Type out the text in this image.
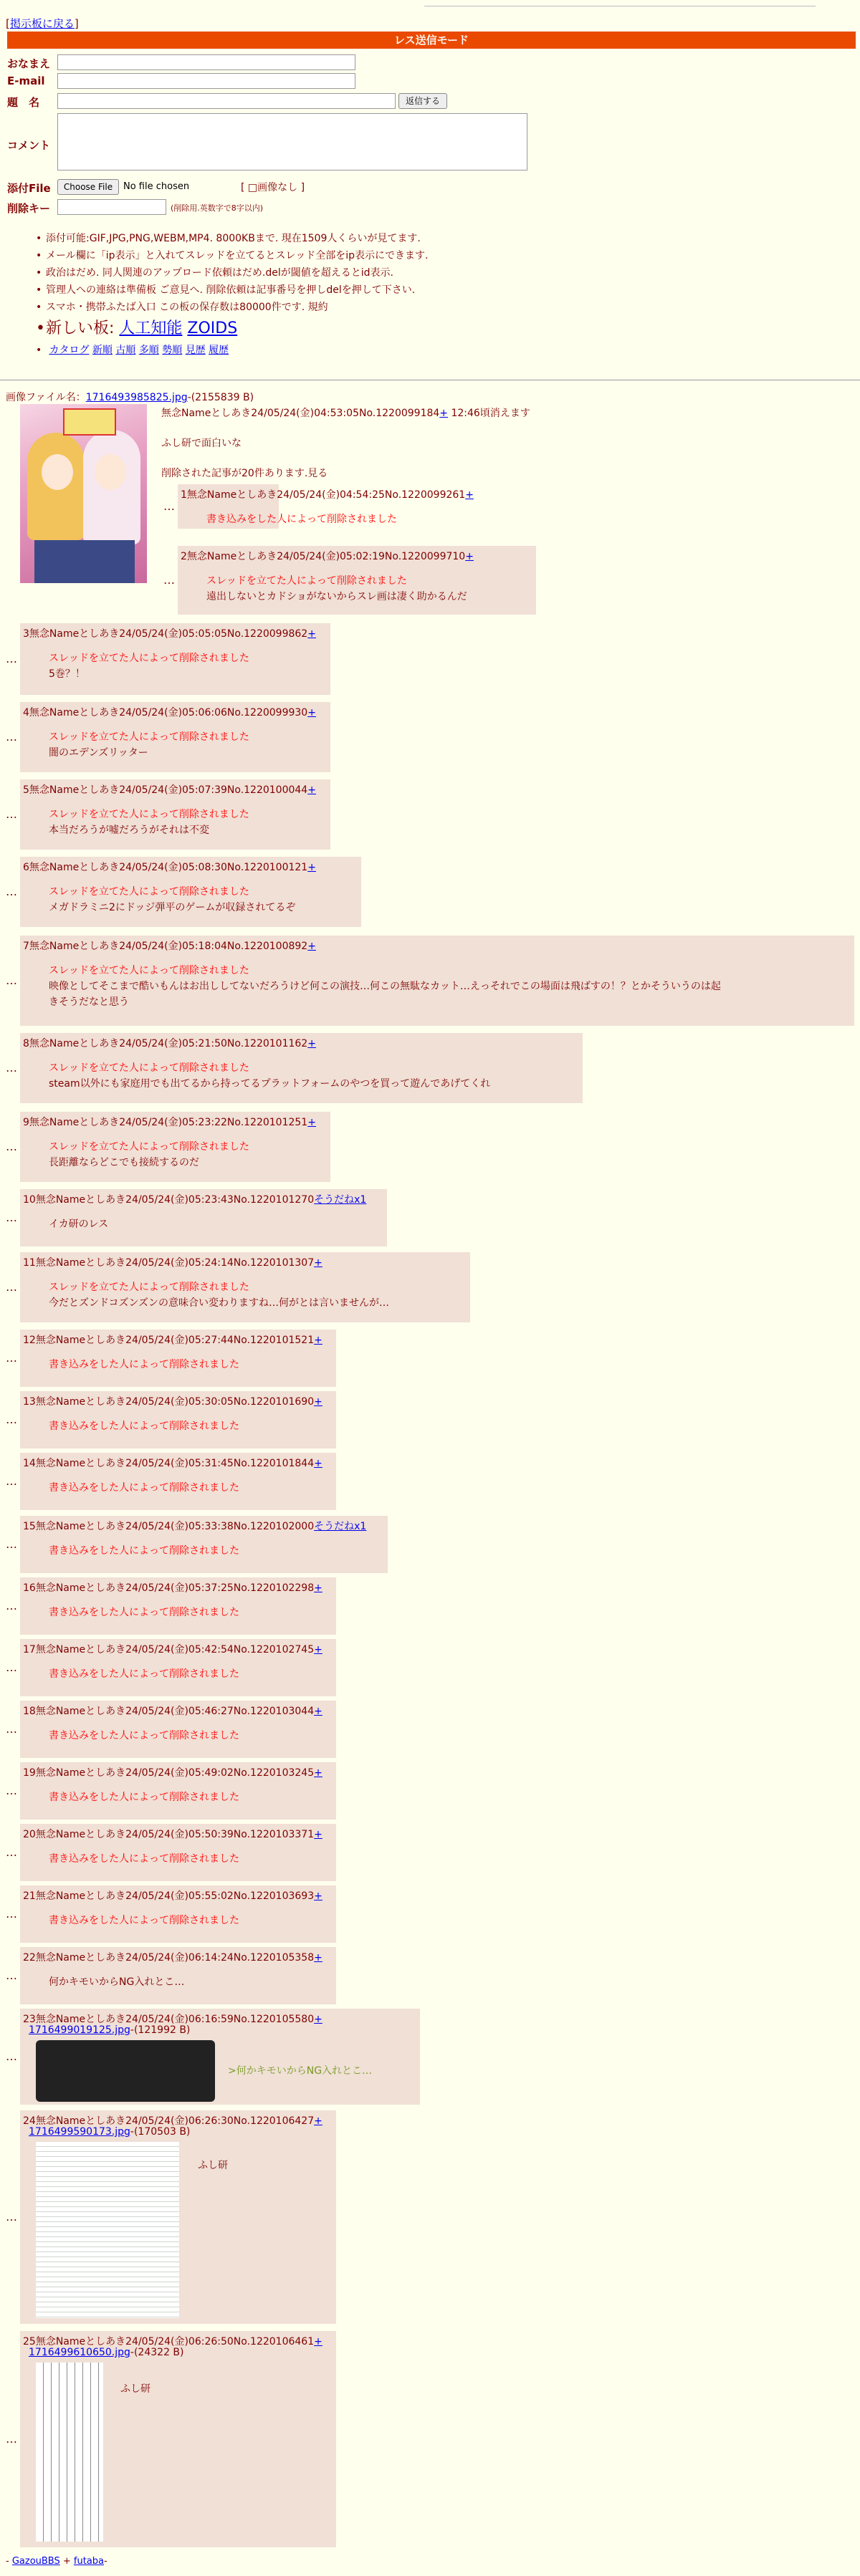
[掲示板に戻る]
レス送信モード
おなまえ
E-mail
題　名	返信する
コメント
添付File	Choose File	No file chosen	[ □画像なし ]
削除キー	(削除用.英数字で8字以内)
• 添付可能:GIF,JPG,PNG,WEBM,MP4. 8000KBまで. 現在1509人くらいが見てます.
• メール欄に「ip表示」と入れてスレッドを立てるとスレッド全部をip表示にできます.
• 政治はだめ. 同人関連のアップロード依頼はだめ.delが閾値を超えるとid表示.
• 管理人への連絡は準備板 ご意見へ. 削除依頼は記事番号を押しdelを押して下さい.
• スマホ・携帯ふたば入口 この板の保存数は80000件です. 規約
•新しい板: 人工知能 ZOIDS
• カタログ 新順 古順 多順 勢順 見歴 履歴
画像ファイル名：1716493985825.jpg-(2155839 B)
無念Nameとしあき24/05/24(金)04:53:05No.1220099184+ 12:46頃消えます
ふし研で面白いな
削除された記事が20件あります.見る
…
1無念Nameとしあき24/05/24(金)04:54:25No.1220099261+
書き込みをした人によって削除されました
…
2無念Nameとしあき24/05/24(金)05:02:19No.1220099710+
スレッドを立てた人によって削除されました
遠出しないとカドショがないからスレ画は凄く助かるんだ
…
3無念Nameとしあき24/05/24(金)05:05:05No.1220099862+
スレッドを立てた人によって削除されました
5巻？！
…
4無念Nameとしあき24/05/24(金)05:06:06No.1220099930+
スレッドを立てた人によって削除されました
闇のエデンズリッター
…
5無念Nameとしあき24/05/24(金)05:07:39No.1220100044+
スレッドを立てた人によって削除されました
本当だろうが嘘だろうがそれは不変
…
6無念Nameとしあき24/05/24(金)05:08:30No.1220100121+
スレッドを立てた人によって削除されました
メガドラミニ2にドッジ弾平のゲームが収録されてるぞ
…
7無念Nameとしあき24/05/24(金)05:18:04No.1220100892+
スレッドを立てた人によって削除されました
映像としてそこまで酷いもんはお出ししてないだろうけど何この演技…何この無駄なカット…えっそれでこの場面は飛ばすの！？とかそういうのは起
きそうだなと思う
…
8無念Nameとしあき24/05/24(金)05:21:50No.1220101162+
スレッドを立てた人によって削除されました
steam以外にも家庭用でも出てるから持ってるプラットフォームのやつを買って遊んであげてくれ
…
9無念Nameとしあき24/05/24(金)05:23:22No.1220101251+
スレッドを立てた人によって削除されました
長距離ならどこでも接続するのだ
…
10無念Nameとしあき24/05/24(金)05:23:43No.1220101270そうだねx1
イカ研のレス
…
11無念Nameとしあき24/05/24(金)05:24:14No.1220101307+
スレッドを立てた人によって削除されました
今だとズンドコズンズンの意味合い変わりますね…何がとは言いませんが…
…
12無念Nameとしあき24/05/24(金)05:27:44No.1220101521+
書き込みをした人によって削除されました
…
13無念Nameとしあき24/05/24(金)05:30:05No.1220101690+
書き込みをした人によって削除されました
…
14無念Nameとしあき24/05/24(金)05:31:45No.1220101844+
書き込みをした人によって削除されました
…
15無念Nameとしあき24/05/24(金)05:33:38No.1220102000そうだねx1
書き込みをした人によって削除されました
…
16無念Nameとしあき24/05/24(金)05:37:25No.1220102298+
書き込みをした人によって削除されました
…
17無念Nameとしあき24/05/24(金)05:42:54No.1220102745+
書き込みをした人によって削除されました
…
18無念Nameとしあき24/05/24(金)05:46:27No.1220103044+
書き込みをした人によって削除されました
…
19無念Nameとしあき24/05/24(金)05:49:02No.1220103245+
書き込みをした人によって削除されました
…
20無念Nameとしあき24/05/24(金)05:50:39No.1220103371+
書き込みをした人によって削除されました
…
21無念Nameとしあき24/05/24(金)05:55:02No.1220103693+
書き込みをした人によって削除されました
…
22無念Nameとしあき24/05/24(金)06:14:24No.1220105358+
何かキモいからNG入れとこ…
…
23無念Nameとしあき24/05/24(金)06:16:59No.1220105580+
1716499019125.jpg-(121992 B)
>何かキモいからNG入れとこ…
…
24無念Nameとしあき24/05/24(金)06:26:30No.1220106427+
1716499590173.jpg-(170503 B)
ふし研
…
25無念Nameとしあき24/05/24(金)06:26:50No.1220106461+
1716499610650.jpg-(24322 B)
ふし研
- GazouBBS + futaba-
